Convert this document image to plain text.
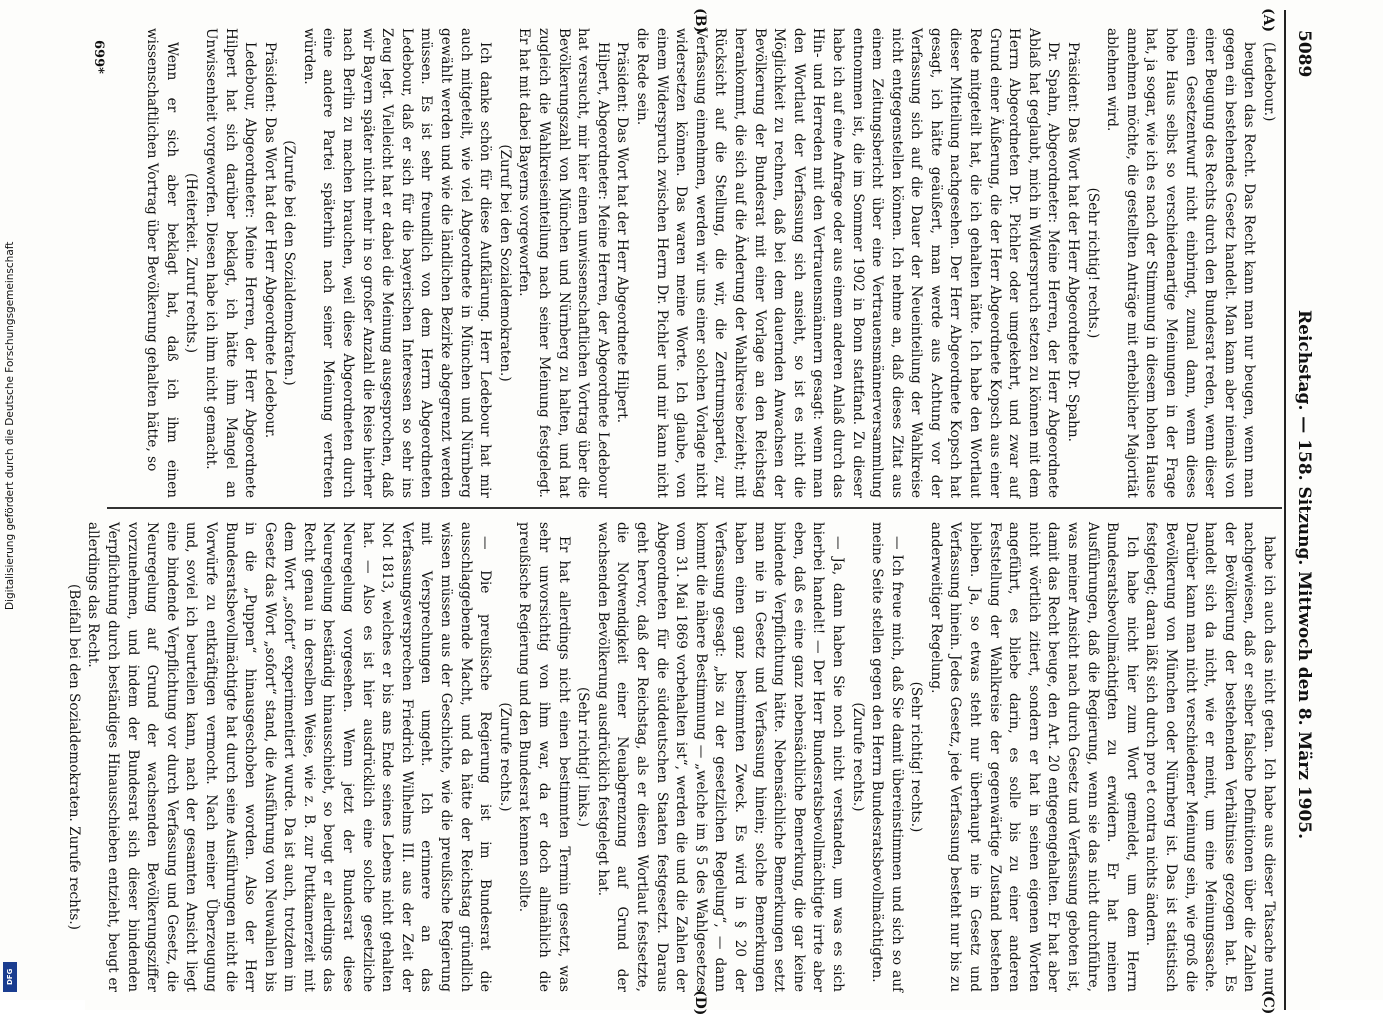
5089
Reichstag. — 158. Sitzung. Mittwoch den 8. März 1905.
(C)
(D)
(A)
(B)

(Ledebour.)

beugten das Recht. Das Recht kann man nur beugen, wenn man gegen ein bestehendes Gesetz handelt. Man kann aber niemals von einer Beugung des Rechts durch den Bundesrat reden, wenn dieser einen Gesetzentwurf nicht einbringt, zumal dann, wenn dieses hohe Haus selbst so verschiedenartige Meinungen in der Frage hat, ja sogar, wie ich es nach der Stimmung in diesem hohen Hause annehmen möchte, die gestellten Anträge mit erheblicher Majorität ablehnen wird.

(Sehr richtig! rechts.)

Präsident: Das Wort hat der Herr Abgeordnete Dr. Spahn.

Dr. Spahn, Abgeordneter: Meine Herren, der Herr Abgeordnete Ablaß hat geglaubt, mich in Widerspruch setzen zu können mit dem Herrn Abgeordneten Dr. Pichler oder umgekehrt, und zwar auf Grund einer Äußerung, die der Herr Abgeordnete Kopsch aus einer Rede mitgeteilt hat, die ich gehalten hätte. Ich habe den Wortlaut dieser Mitteilung nachgesehen. Der Herr Abgeordnete Kopsch hat gesagt, ich hätte geäußert, man werde aus Achtung vor der Verfassung sich auf die Dauer der Neueinteilung der Wahlkreise nicht entgegenstellen können. Ich nehme an, daß dieses Zitat aus einem Zeitungsbericht über eine Vertrauensmännerversammlung entnommen ist, die im Sommer 1902 in Bonn stattfand. Zu dieser habe ich auf eine Anfrage oder aus einem anderen Anlaß durch das Hin- und Herreden mit den Vertrauensmännern gesagt: wenn man den Wortlaut der Verfassung sich ansieht, so ist es nicht die Möglichkeit zu rechnen, daß bei dem dauernden Anwachsen der Bevölkerung der Bundesrat mit einer Vorlage an den Reichstag herankommt, die sich auf die Änderung der Wahlkreise bezieht; mit Rücksicht auf die Stellung, die wir, die Zentrumspartei, zur Verfassung einnehmen, werden wir uns einer solchen Vorlage nicht widersetzen können. Das waren meine Worte. Ich glaube, von einem Widerspruch zwischen Herrn Dr. Pichler und mir kann nicht die Rede sein.

Präsident: Das Wort hat der Herr Abgeordnete Hilpert.

Hilpert, Abgeordneter: Meine Herren, der Abgeordnete Ledebour hat versucht, mir hier einen unwissenschaftlichen Vortrag über die Bevölkerungszahl von München und Nürnberg zu halten, und hat zugleich die Wahlkreiseinteilung nach seiner Meinung festgelegt. Er hat mit dabei Bayerns vorgeworfen.

(Zuruf bei den Sozialdemokraten.)

Ich danke schön für diese Aufklärung. Herr Ledebour hat mir auch mitgeteilt, wie viel Abgeordnete in München und Nürnberg gewählt werden und wie die ländlichen Bezirke abgegrenzt werden müssen. Es ist sehr freundlich von dem Herrn Abgeordneten Ledebour, daß er sich für die bayerischen Interessen so sehr ins Zeug legt. Vielleicht hat er dabei die Meinung ausgesprochen, daß wir Bayern später nicht mehr in so großer Anzahl die Reise hierher nach Berlin zu machen brauchen, weil diese Abgeordneten durch eine andere Partei späterhin nach seiner Meinung vertreten würden.

(Zurufe bei den Sozialdemokraten.)

Präsident: Das Wort hat der Herr Abgeordnete Ledebour.

Ledebour, Abgeordneter: Meine Herren, der Herr Abgeordnete Hilpert hat sich darüber beklagt, ich hätte ihm Mangel an Unwissenheit vorgeworfen. Diesen habe ich ihm nicht gemacht.

(Heiterkeit. Zuruf rechts.)

Wenn er sich aber beklagt hat, daß ich ihm einen wissenschaftlichen Vortrag über Bevölkerung gehalten hätte, so

habe ich auch das nicht getan. Ich habe aus dieser Tatsache nur nachgewiesen, daß er selber falsche Definitionen über die Zahlen der Bevölkerung der bestehenden Verhältnisse gezogen hat. Es handelt sich da nicht, wie er meint, um eine Meinungssache. Darüber kann man nicht verschiedener Meinung sein, wie groß die Bevölkerung von München oder Nürnberg ist. Das ist statistisch festgelegt; daran läßt sich durch pro et contra nichts ändern.

Ich habe nicht hier zum Wort gemeldet, um dem Herrn Bundesratsbevollmächtigten zu erwidern. Er hat meinen Ausführungen, daß die Regierung, wenn sie das nicht durchführe, was meiner Ansicht nach durch Gesetz und Verfassung geboten ist, damit das Recht beuge, den Art. 20 entgegengehalten. Er hat aber nicht wörtlich zitiert, sondern er hat in seinen eigenen Worten angeführt, es bliebe darin, es solle bis zu einer anderen Feststellung der Wahlkreise der gegenwärtige Zustand bestehen bleiben. Ja, so etwas steht nur überhaupt nie in Gesetz und Verfassung hinein. Jedes Gesetz, jede Verfassung besteht nur bis zu anderweitiger Regelung.

(Sehr richtig! rechts.)

— Ich freue mich, daß Sie damit übereinstimmen und sich so auf meine Seite stellen gegen den Herrn Bundesratsbevollmächtigten.

(Zurufe rechts.)

— Ja, dann haben Sie noch nicht verstanden, um was es sich hierbei handelt! — Der Herr Bundesratsbevollmächtigte irrte aber eben, daß es eine ganz nebensächliche Bemerkung, die gar keine bindende Verpflichtung hätte. Nebensächliche Bemerkungen setzt man nie in Gesetz und Verfassung hinein; solche Bemerkungen haben einen ganz bestimmten Zweck. Es wird in § 20 der Verfassung gesagt: „bis zu der gesetzlichen Regelung“, — dann kommt die nähere Bestimmung — „welche im § 5 des Wahlgesetzes vom 31. Mai 1869 vorbehalten ist“, werden die und die Zahlen der Abgeordneten für die süddeutschen Staaten festgesetzt. Daraus geht hervor, daß der Reichstag, als er diesen Wortlaut festsetzte, die Notwendigkeit einer Neuabgrenzung auf Grund der wachsenden Bevölkerung ausdrücklich festgelegt hat.

(Sehr richtig! links.)

Er hat allerdings nicht einen bestimmten Termin gesetzt, was sehr unvorsichtig von ihm war, da er doch allmählich die preußische Regierung und den Bundesrat kennen sollte.

(Zurufe rechts.)

— Die preußische Regierung ist im Bundesrat die ausschlaggebende Macht, und da hätte der Reichstag gründlich wissen müssen aus der Geschichte, wie die preußische Regierung mit Versprechungen umgeht. Ich erinnere an das Verfassungsversprechen Friedrich Wilhelms III. aus der Zeit der Not 1813, welches er bis ans Ende seines Lebens nicht gehalten hat. — Also es ist hier ausdrücklich eine solche gesetzliche Neuregelung vorgesehen. Wenn jetzt der Bundesrat diese Neuregelung beständig hinausschiebt, so beugt er allerdings das Recht genau in derselben Weise, wie z. B. zur Puttkamerzeit mit dem Wort „sofort“ experimentiert wurde. Da ist auch, trotzdem im Gesetz das Wort „sofort“ stand, die Ausführung von Neuwahlen bis in die „Puppen“ hinausgeschoben worden. Also der Herr Bundesratsbevollmächtigte hat durch seine Ausführungen nicht die Vorwürfe zu entkräftigen vermocht. Nach meiner Überzeugung und, soviel ich beurteilen kann, nach der gesamten Ansicht liegt eine bindende Verpflichtung vor durch Verfassung und Gesetz, die Neuregelung auf Grund der wachsenden Bevölkerungsziffer vorzunehmen, und indem der Bundesrat sich dieser bindenden Verpflichtung durch beständiges Hinausschieben entzieht, beugt er allerdings das Recht.

(Beifall bei den Sozialdemokraten. Zurufe rechts.)

699*
Digitalisierung gefördert durch die Deutsche Forschungsgemeinschaft
DFG
